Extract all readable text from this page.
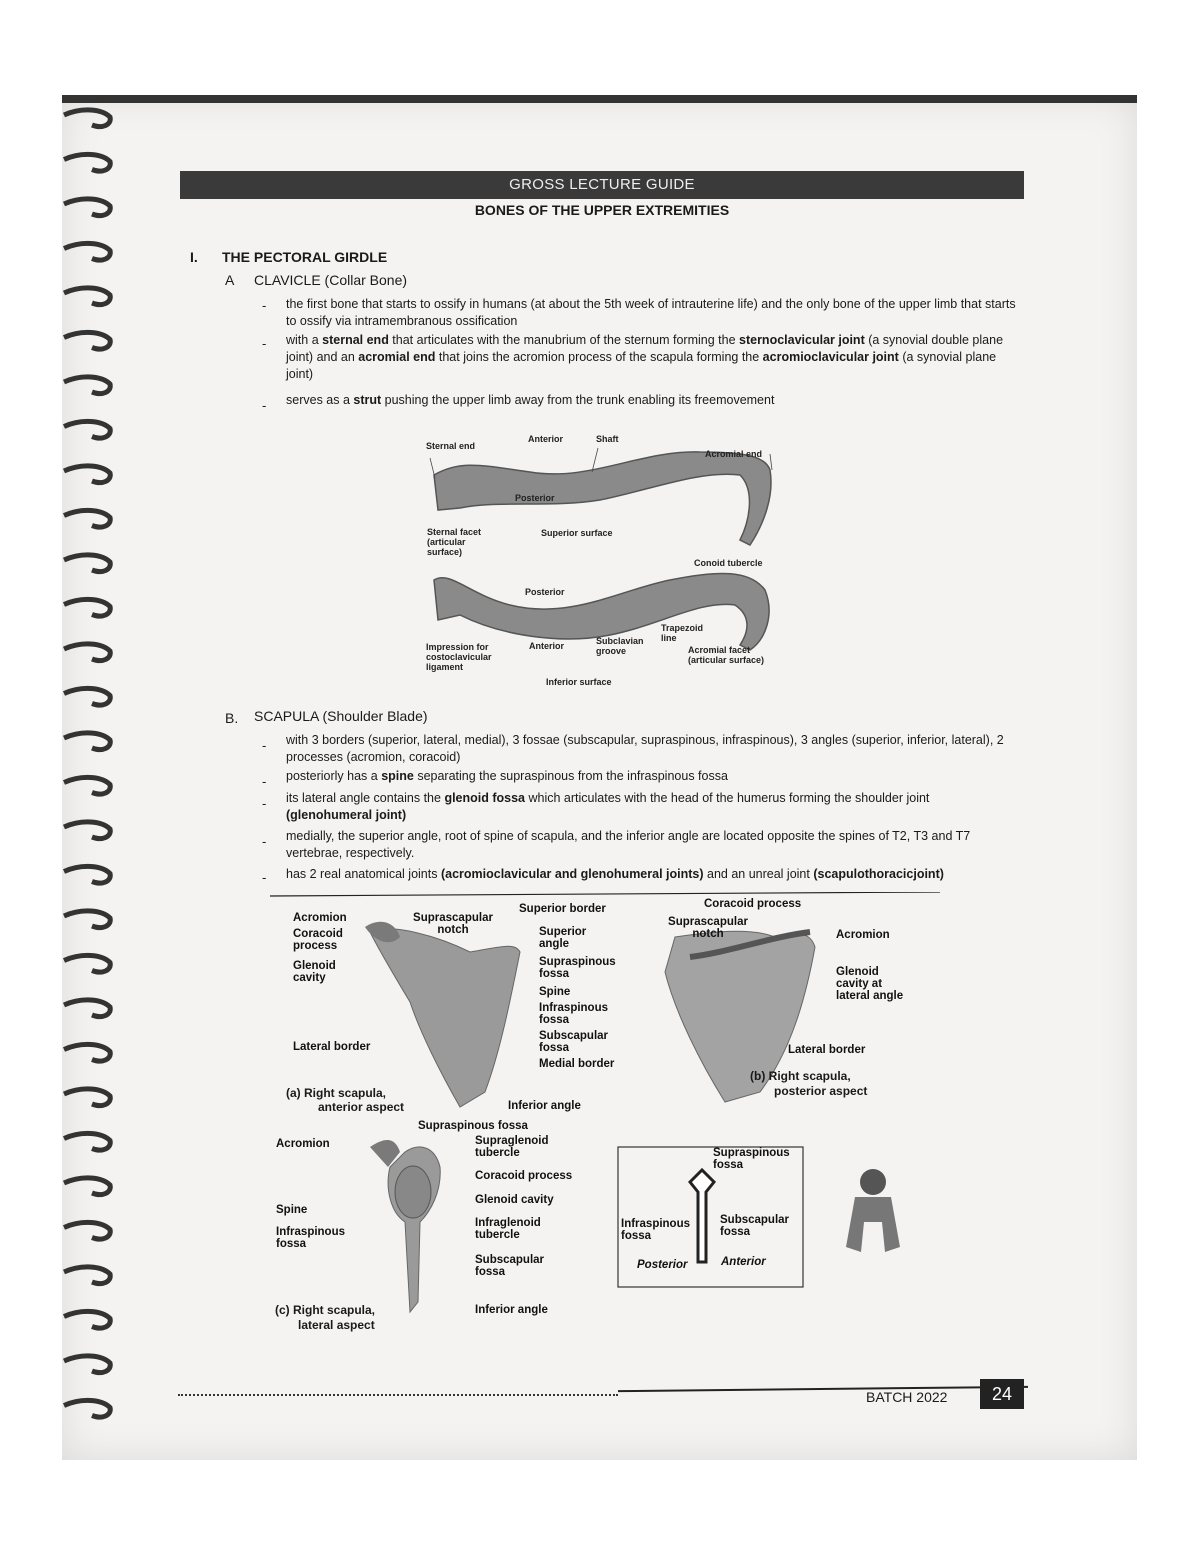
GROSS LECTURE GUIDE
BONES OF THE UPPER EXTREMITIES
I. THE PECTORAL GIRDLE
A CLAVICLE (Collar Bone)
- the first bone that starts to ossify in humans (at about the 5th week of intrauterine life) and the only bone of the upper limb that starts to ossify via intramembranous ossification
- with a sternal end that articulates with the manubrium of the sternum forming the sternoclavicular joint (a synovial double plane joint) and an acromial end that joins the acromion process of the scapula forming the acromioclavicular joint (a synovial plane joint)
- serves as a strut pushing the upper limb away from the trunk enabling its freemovement
Sternal end
Anterior	Shaft
Acromial end
Posterior
Sternal facet (articular surface)
Superior surface
Conoid tubercle
Posterior
Trapezoid line
Impression for costoclavicular ligament
Anterior	Subclavian groove	Acromial facet (articular surface)
Inferior surface
B. SCAPULA (Shoulder Blade)
- with 3 borders (superior, lateral, medial), 3 fossae (subscapular, supraspinous, infraspinous), 3 angles (superior, inferior, lateral), 2 processes (acromion, coracoid)
- posteriorly has a spine separating the supraspinous from the infraspinous fossa
- its lateral angle contains the glenoid fossa which articulates with the head of the humerus forming the shoulder joint (glenohumeral joint)
- medially, the superior angle, root of spine of scapula, and the inferior angle are located opposite the spines of T2, T3 and T7 vertebrae, respectively.
- has 2 real anatomical joints (acromioclavicular and glenohumeral joints) and an unreal joint (scapulothoracicjoint)
Acromion
Coracoid process
Glenoid cavity
Suprascapular notch
Superior border
Superior angle
Supraspinous fossa
Spine
Infraspinous fossa
Subscapular fossa
Medial border
Lateral border
(a) Right scapula,
anterior aspect	Inferior angle
Coracoid process
Suprascapular notch	Acromion
Glenoid cavity at lateral angle
Lateral border
(b) Right scapula,
posterior aspect
Supraspinous fossa
Acromion	Supraglenoid tubercle
Coracoid process
Glenoid cavity
Spine
Infraspinous fossa
Infraglenoid tubercle
Subscapular fossa
Inferior angle
(c) Right scapula,
lateral aspect
Supraspinous fossa
Infraspinous fossa
Subscapular fossa
Posterior	Anterior
BATCH 2022	24
